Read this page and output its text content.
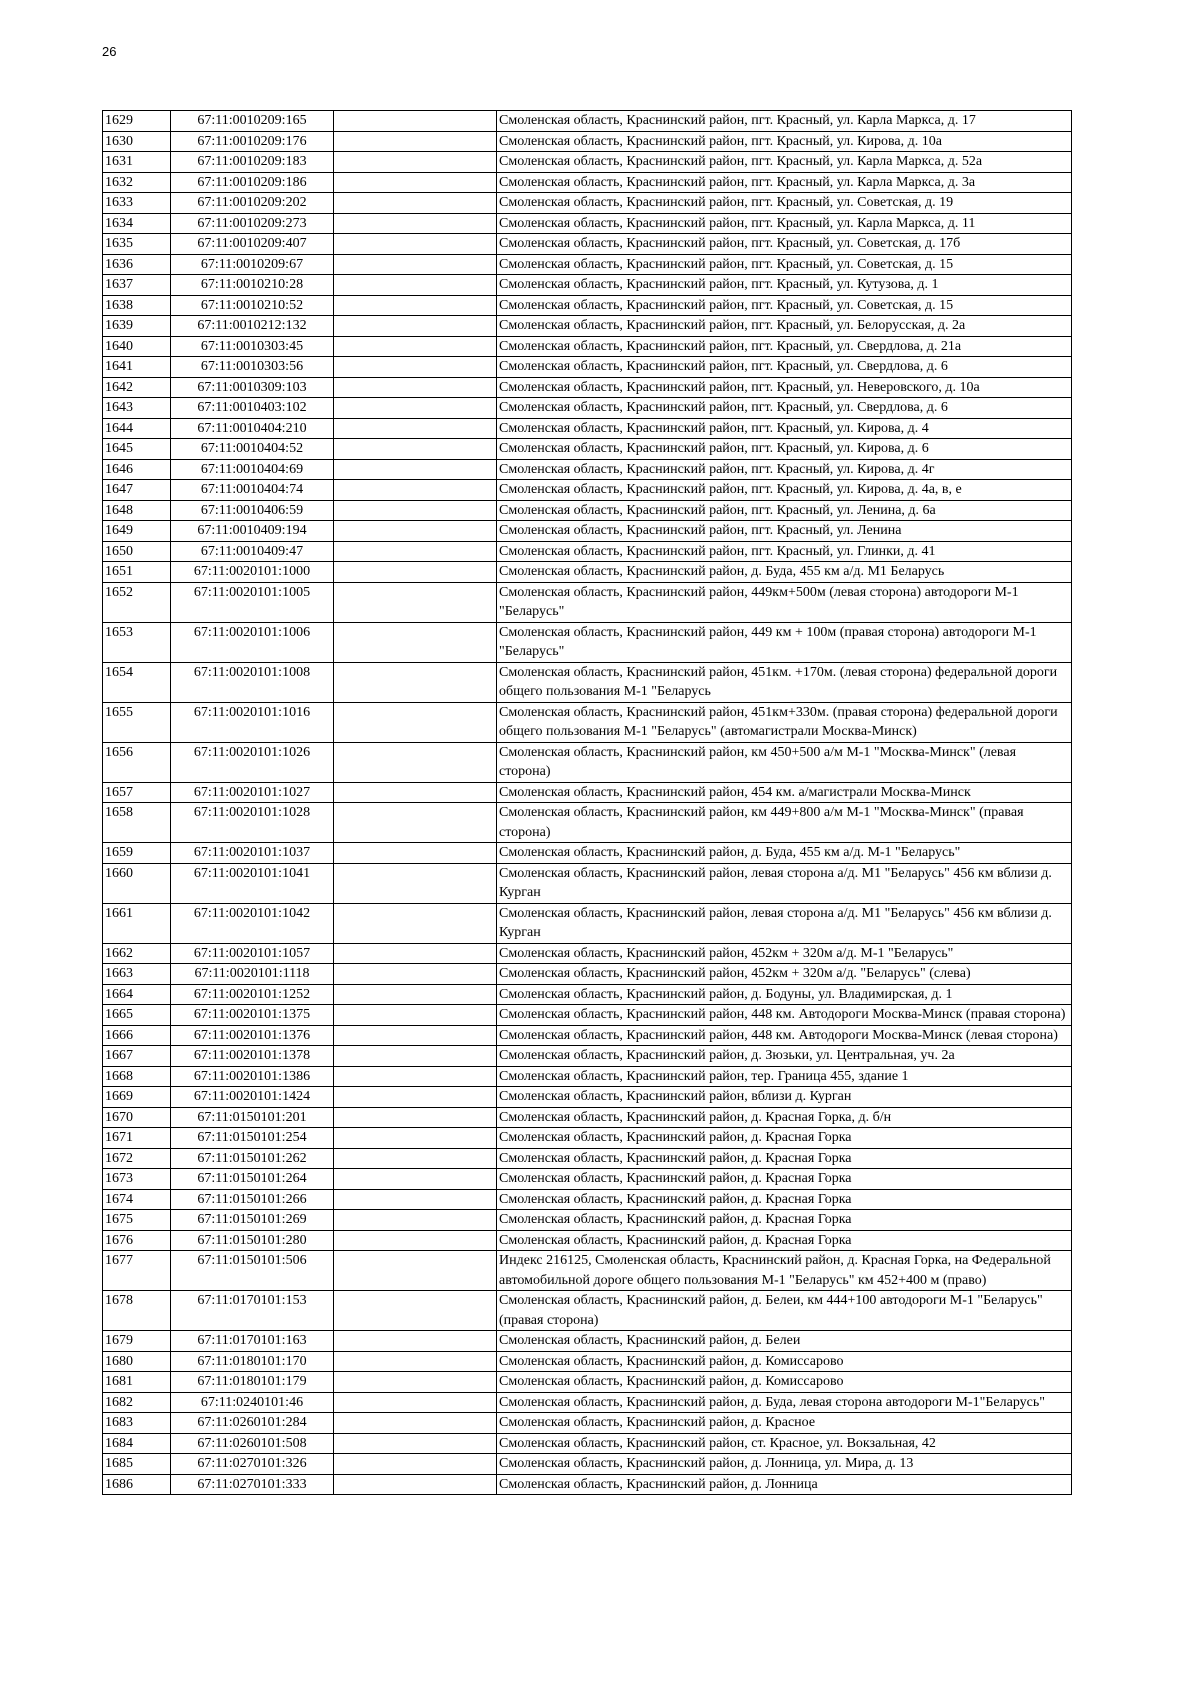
26
1629	67:11:0010209:165		Смоленская область, Краснинский район, пгт. Красный, ул. Карла Маркса, д. 17
1630	67:11:0010209:176		Смоленская область, Краснинский район, пгт. Красный, ул. Кирова, д. 10а
1631	67:11:0010209:183		Смоленская область, Краснинский район, пгт. Красный, ул. Карла Маркса, д. 52а
1632	67:11:0010209:186		Смоленская область, Краснинский район, пгт. Красный, ул. Карла Маркса, д. 3а
1633	67:11:0010209:202		Смоленская область, Краснинский район, пгт. Красный, ул. Советская, д. 19
1634	67:11:0010209:273		Смоленская область, Краснинский район, пгт. Красный, ул. Карла Маркса, д. 11
1635	67:11:0010209:407		Смоленская область, Краснинский район, пгт. Красный, ул. Советская, д. 17б
1636	67:11:0010209:67		Смоленская область, Краснинский район, пгт. Красный, ул. Советская, д. 15
1637	67:11:0010210:28		Смоленская область, Краснинский район, пгт. Красный, ул. Кутузова, д. 1
1638	67:11:0010210:52		Смоленская область, Краснинский район, пгт. Красный, ул. Советская, д. 15
1639	67:11:0010212:132		Смоленская область, Краснинский район, пгт. Красный, ул. Белорусская, д. 2а
1640	67:11:0010303:45		Смоленская область, Краснинский район, пгт. Красный, ул. Свердлова, д. 21а
1641	67:11:0010303:56		Смоленская область, Краснинский район, пгт. Красный, ул. Свердлова, д. 6
1642	67:11:0010309:103		Смоленская область, Краснинский район, пгт. Красный, ул. Неверовского, д. 10а
1643	67:11:0010403:102		Смоленская область, Краснинский район, пгт. Красный, ул. Свердлова, д. 6
1644	67:11:0010404:210		Смоленская область, Краснинский район, пгт. Красный, ул. Кирова, д. 4
1645	67:11:0010404:52		Смоленская область, Краснинский район, пгт. Красный, ул. Кирова, д. 6
1646	67:11:0010404:69		Смоленская область, Краснинский район, пгт. Красный, ул. Кирова, д. 4г
1647	67:11:0010404:74		Смоленская область, Краснинский район, пгт. Красный, ул. Кирова, д. 4а, в, е
1648	67:11:0010406:59		Смоленская область, Краснинский район, пгт. Красный, ул. Ленина, д. 6а
1649	67:11:0010409:194		Смоленская область, Краснинский район, пгт. Красный, ул. Ленина
1650	67:11:0010409:47		Смоленская область, Краснинский район, пгт. Красный, ул. Глинки, д. 41
1651	67:11:0020101:1000		Смоленская область, Краснинский район, д. Буда, 455 км а/д. М1 Беларусь
1652	67:11:0020101:1005		Смоленская область, Краснинский район, 449км+500м (левая сторона) автодороги М-1 "Беларусь"
1653	67:11:0020101:1006		Смоленская область, Краснинский район, 449 км + 100м (правая сторона) автодороги М-1 "Беларусь"
1654	67:11:0020101:1008		Смоленская область, Краснинский район, 451км. +170м. (левая сторона) федеральной дороги общего пользования М-1 "Беларусь
1655	67:11:0020101:1016		Смоленская область, Краснинский район, 451км+330м. (правая сторона) федеральной дороги общего пользования М-1 "Беларусь" (автомагистрали Москва-Минск)
1656	67:11:0020101:1026		Смоленская область, Краснинский район, км 450+500 а/м М-1 "Москва-Минск" (левая сторона)
1657	67:11:0020101:1027		Смоленская область, Краснинский район, 454 км. а/магистрали Москва-Минск
1658	67:11:0020101:1028		Смоленская область, Краснинский район, км 449+800 а/м М-1 "Москва-Минск" (правая сторона)
1659	67:11:0020101:1037		Смоленская область, Краснинский район, д. Буда, 455 км а/д. М-1 "Беларусь"
1660	67:11:0020101:1041		Смоленская область, Краснинский район, левая сторона а/д. М1 "Беларусь" 456 км вблизи д. Курган
1661	67:11:0020101:1042		Смоленская область, Краснинский район, левая сторона а/д. М1 "Беларусь" 456 км вблизи д. Курган
1662	67:11:0020101:1057		Смоленская область, Краснинский район, 452км + 320м а/д. М-1 "Беларусь"
1663	67:11:0020101:1118		Смоленская область, Краснинский район, 452км + 320м а/д. "Беларусь" (слева)
1664	67:11:0020101:1252		Смоленская область, Краснинский район, д. Бодуны, ул. Владимирская, д. 1
1665	67:11:0020101:1375		Смоленская область, Краснинский район, 448 км. Автодороги Москва-Минск (правая сторона)
1666	67:11:0020101:1376		Смоленская область, Краснинский район, 448 км. Автодороги Москва-Минск (левая сторона)
1667	67:11:0020101:1378		Смоленская область, Краснинский район, д. Зюзьки, ул. Центральная, уч. 2а
1668	67:11:0020101:1386		Смоленская область, Краснинский район, тер. Граница 455, здание 1
1669	67:11:0020101:1424		Смоленская область, Краснинский район, вблизи д. Курган
1670	67:11:0150101:201		Смоленская область, Краснинский район, д. Красная Горка, д. б/н
1671	67:11:0150101:254		Смоленская область, Краснинский район, д. Красная Горка
1672	67:11:0150101:262		Смоленская область, Краснинский район, д. Красная Горка
1673	67:11:0150101:264		Смоленская область, Краснинский район, д. Красная Горка
1674	67:11:0150101:266		Смоленская область, Краснинский район, д. Красная Горка
1675	67:11:0150101:269		Смоленская область, Краснинский район, д. Красная Горка
1676	67:11:0150101:280		Смоленская область, Краснинский район, д. Красная Горка
1677	67:11:0150101:506		Индекс 216125, Смоленская область, Краснинский район, д. Красная Горка, на Федеральной автомобильной дороге общего пользования М-1 "Беларусь" км 452+400 м (право)
1678	67:11:0170101:153		Смоленская область, Краснинский район, д. Белеи, км 444+100 автодороги М-1 "Беларусь" (правая сторона)
1679	67:11:0170101:163		Смоленская область, Краснинский район, д. Белеи
1680	67:11:0180101:170		Смоленская область, Краснинский район, д. Комиссарово
1681	67:11:0180101:179		Смоленская область, Краснинский район, д. Комиссарово
1682	67:11:0240101:46		Смоленская область, Краснинский район, д. Буда, левая сторона автодороги М-1"Беларусь"
1683	67:11:0260101:284		Смоленская область, Краснинский район, д. Красное
1684	67:11:0260101:508		Смоленская область, Краснинский район, ст. Красное, ул. Вокзальная, 42
1685	67:11:0270101:326		Смоленская область, Краснинский район, д. Лонница, ул. Мира, д. 13
1686	67:11:0270101:333		Смоленская область, Краснинский район, д. Лонница
